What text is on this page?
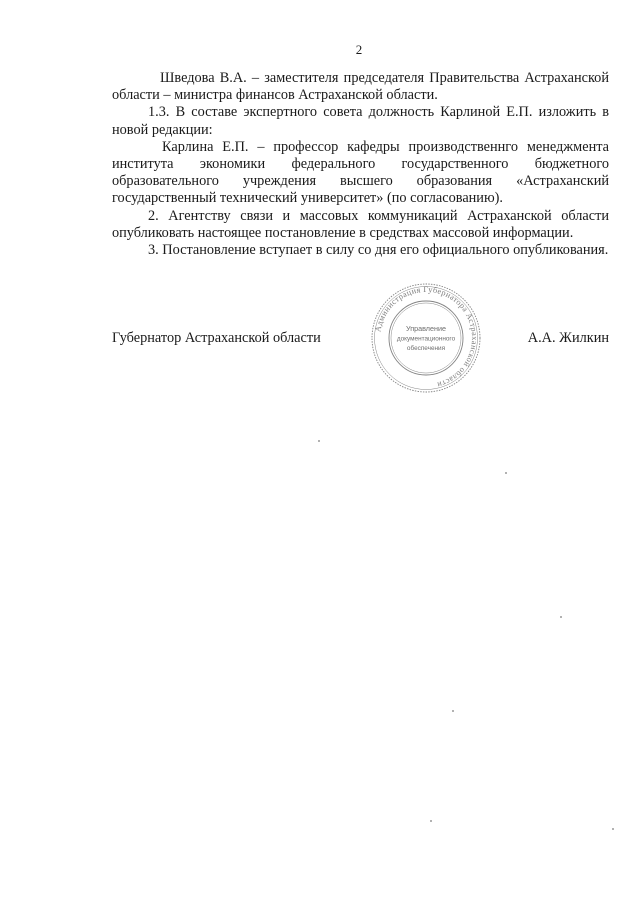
2

Шведова В.А. – заместителя председателя Правительства Астраханской области – министра финансов Астраханской области.

1.3. В составе экспертного совета должность Карлиной Е.П. изложить в новой редакции:

Карлина Е.П. – профессор кафедры производственнго менеджмента института экономики федерального государственного бюджетного образовательного учреждения высшего образования «Астраханский государственный технический университет» (по согласованию).

2. Агентству связи и массовых коммуникаций Астраханской области опубликовать настоящее постановление в средствах массовой информации.

3. Постановление вступает в силу со дня его официального опубликования.

Губернатор Астраханской области	А.А. Жилкин
Администрация Губернатора Астраханской области
Управление
документационного
обеспечения
